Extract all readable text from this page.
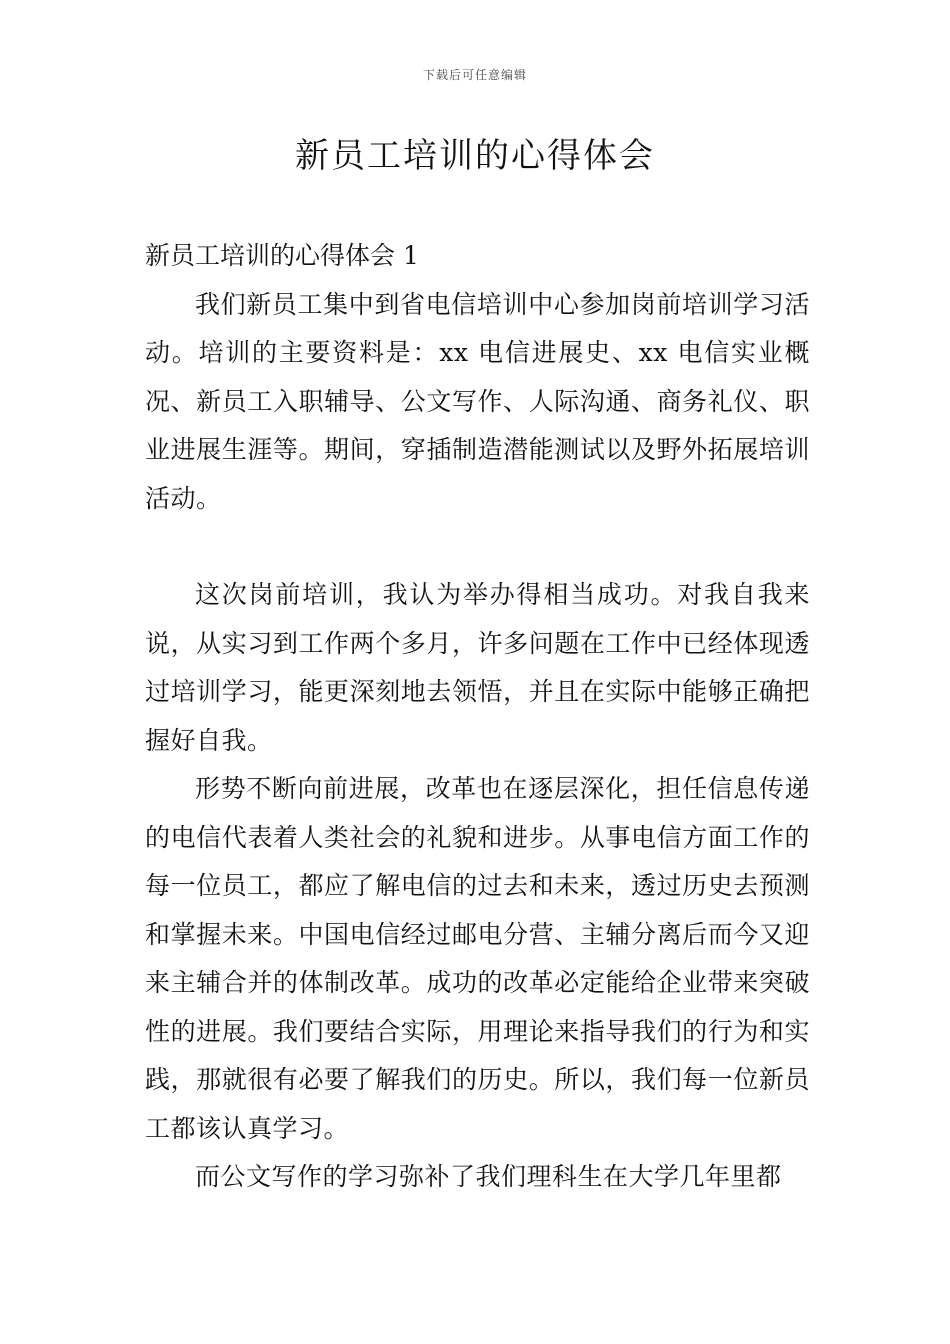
下载后可任意编辑
新员工培训的心得体会

新员工培训的心得体会 1

我们新员工集中到省电信培训中心参加岗前培训学习活动。培训的主要资料是：xx 电信进展史、xx 电信实业概况、新员工入职辅导、公文写作、人际沟通、商务礼仪、职业进展生涯等。期间，穿插制造潜能测试以及野外拓展培训活动。

这次岗前培训，我认为举办得相当成功。对我自我来说，从实习到工作两个多月，许多问题在工作中已经体现透过培训学习，能更深刻地去领悟，并且在实际中能够正确把握好自我。

形势不断向前进展，改革也在逐层深化，担任信息传递的电信代表着人类社会的礼貌和进步。从事电信方面工作的每一位员工，都应了解电信的过去和未来，透过历史去预测和掌握未来。中国电信经过邮电分营、主辅分离后而今又迎来主辅合并的体制改革。成功的改革必定能给企业带来突破性的进展。我们要结合实际，用理论来指导我们的行为和实践，那就很有必要了解我们的历史。所以，我们每一位新员工都该认真学习。

而公文写作的学习弥补了我们理科生在大学几年里都
